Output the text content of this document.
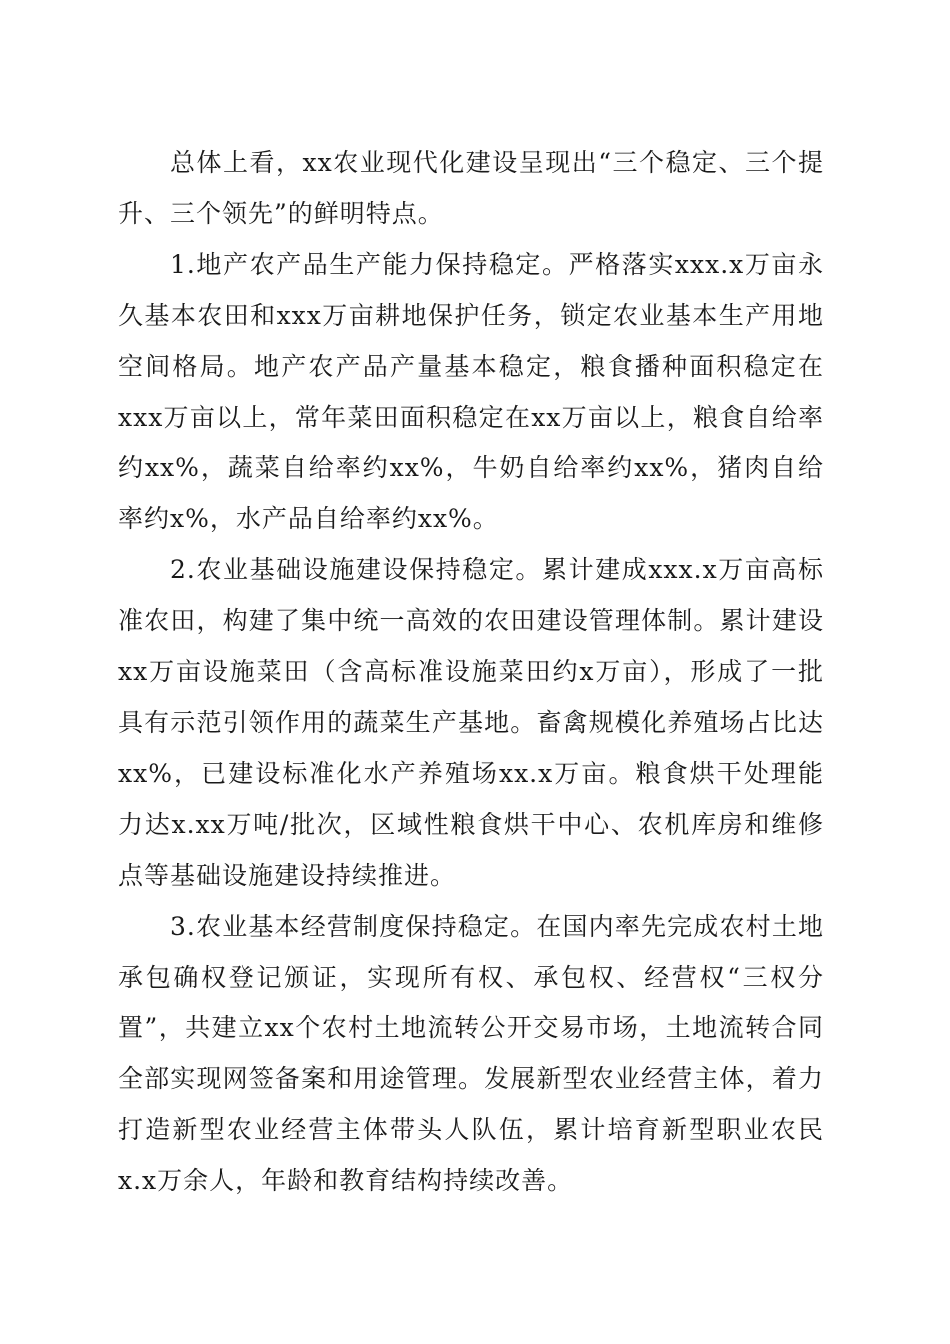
总体上看，xx农业现代化建设呈现出“三个稳定、三个提升、三个领先”的鲜明特点。

1.地产农产品生产能力保持稳定。严格落实xxx.x万亩永久基本农田和xxx万亩耕地保护任务，锁定农业基本生产用地空间格局。地产农产品产量基本稳定，粮食播种面积稳定在xxx万亩以上，常年菜田面积稳定在xx万亩以上，粮食自给率约xx%，蔬菜自给率约xx%，牛奶自给率约xx%，猪肉自给率约x%，水产品自给率约xx%。

2.农业基础设施建设保持稳定。累计建成xxx.x万亩高标准农田，构建了集中统一高效的农田建设管理体制。累计建设xx万亩设施菜田（含高标准设施菜田约x万亩），形成了一批具有示范引领作用的蔬菜生产基地。畜禽规模化养殖场占比达xx%，已建设标准化水产养殖场xx.x万亩。粮食烘干处理能力达x.xx万吨/批次，区域性粮食烘干中心、农机库房和维修点等基础设施建设持续推进。

3.农业基本经营制度保持稳定。在国内率先完成农村土地承包确权登记颁证，实现所有权、承包权、经营权“三权分置”，共建立xx个农村土地流转公开交易市场，土地流转合同全部实现网签备案和用途管理。发展新型农业经营主体，着力打造新型农业经营主体带头人队伍，累计培育新型职业农民x.x万余人，年龄和教育结构持续改善。
